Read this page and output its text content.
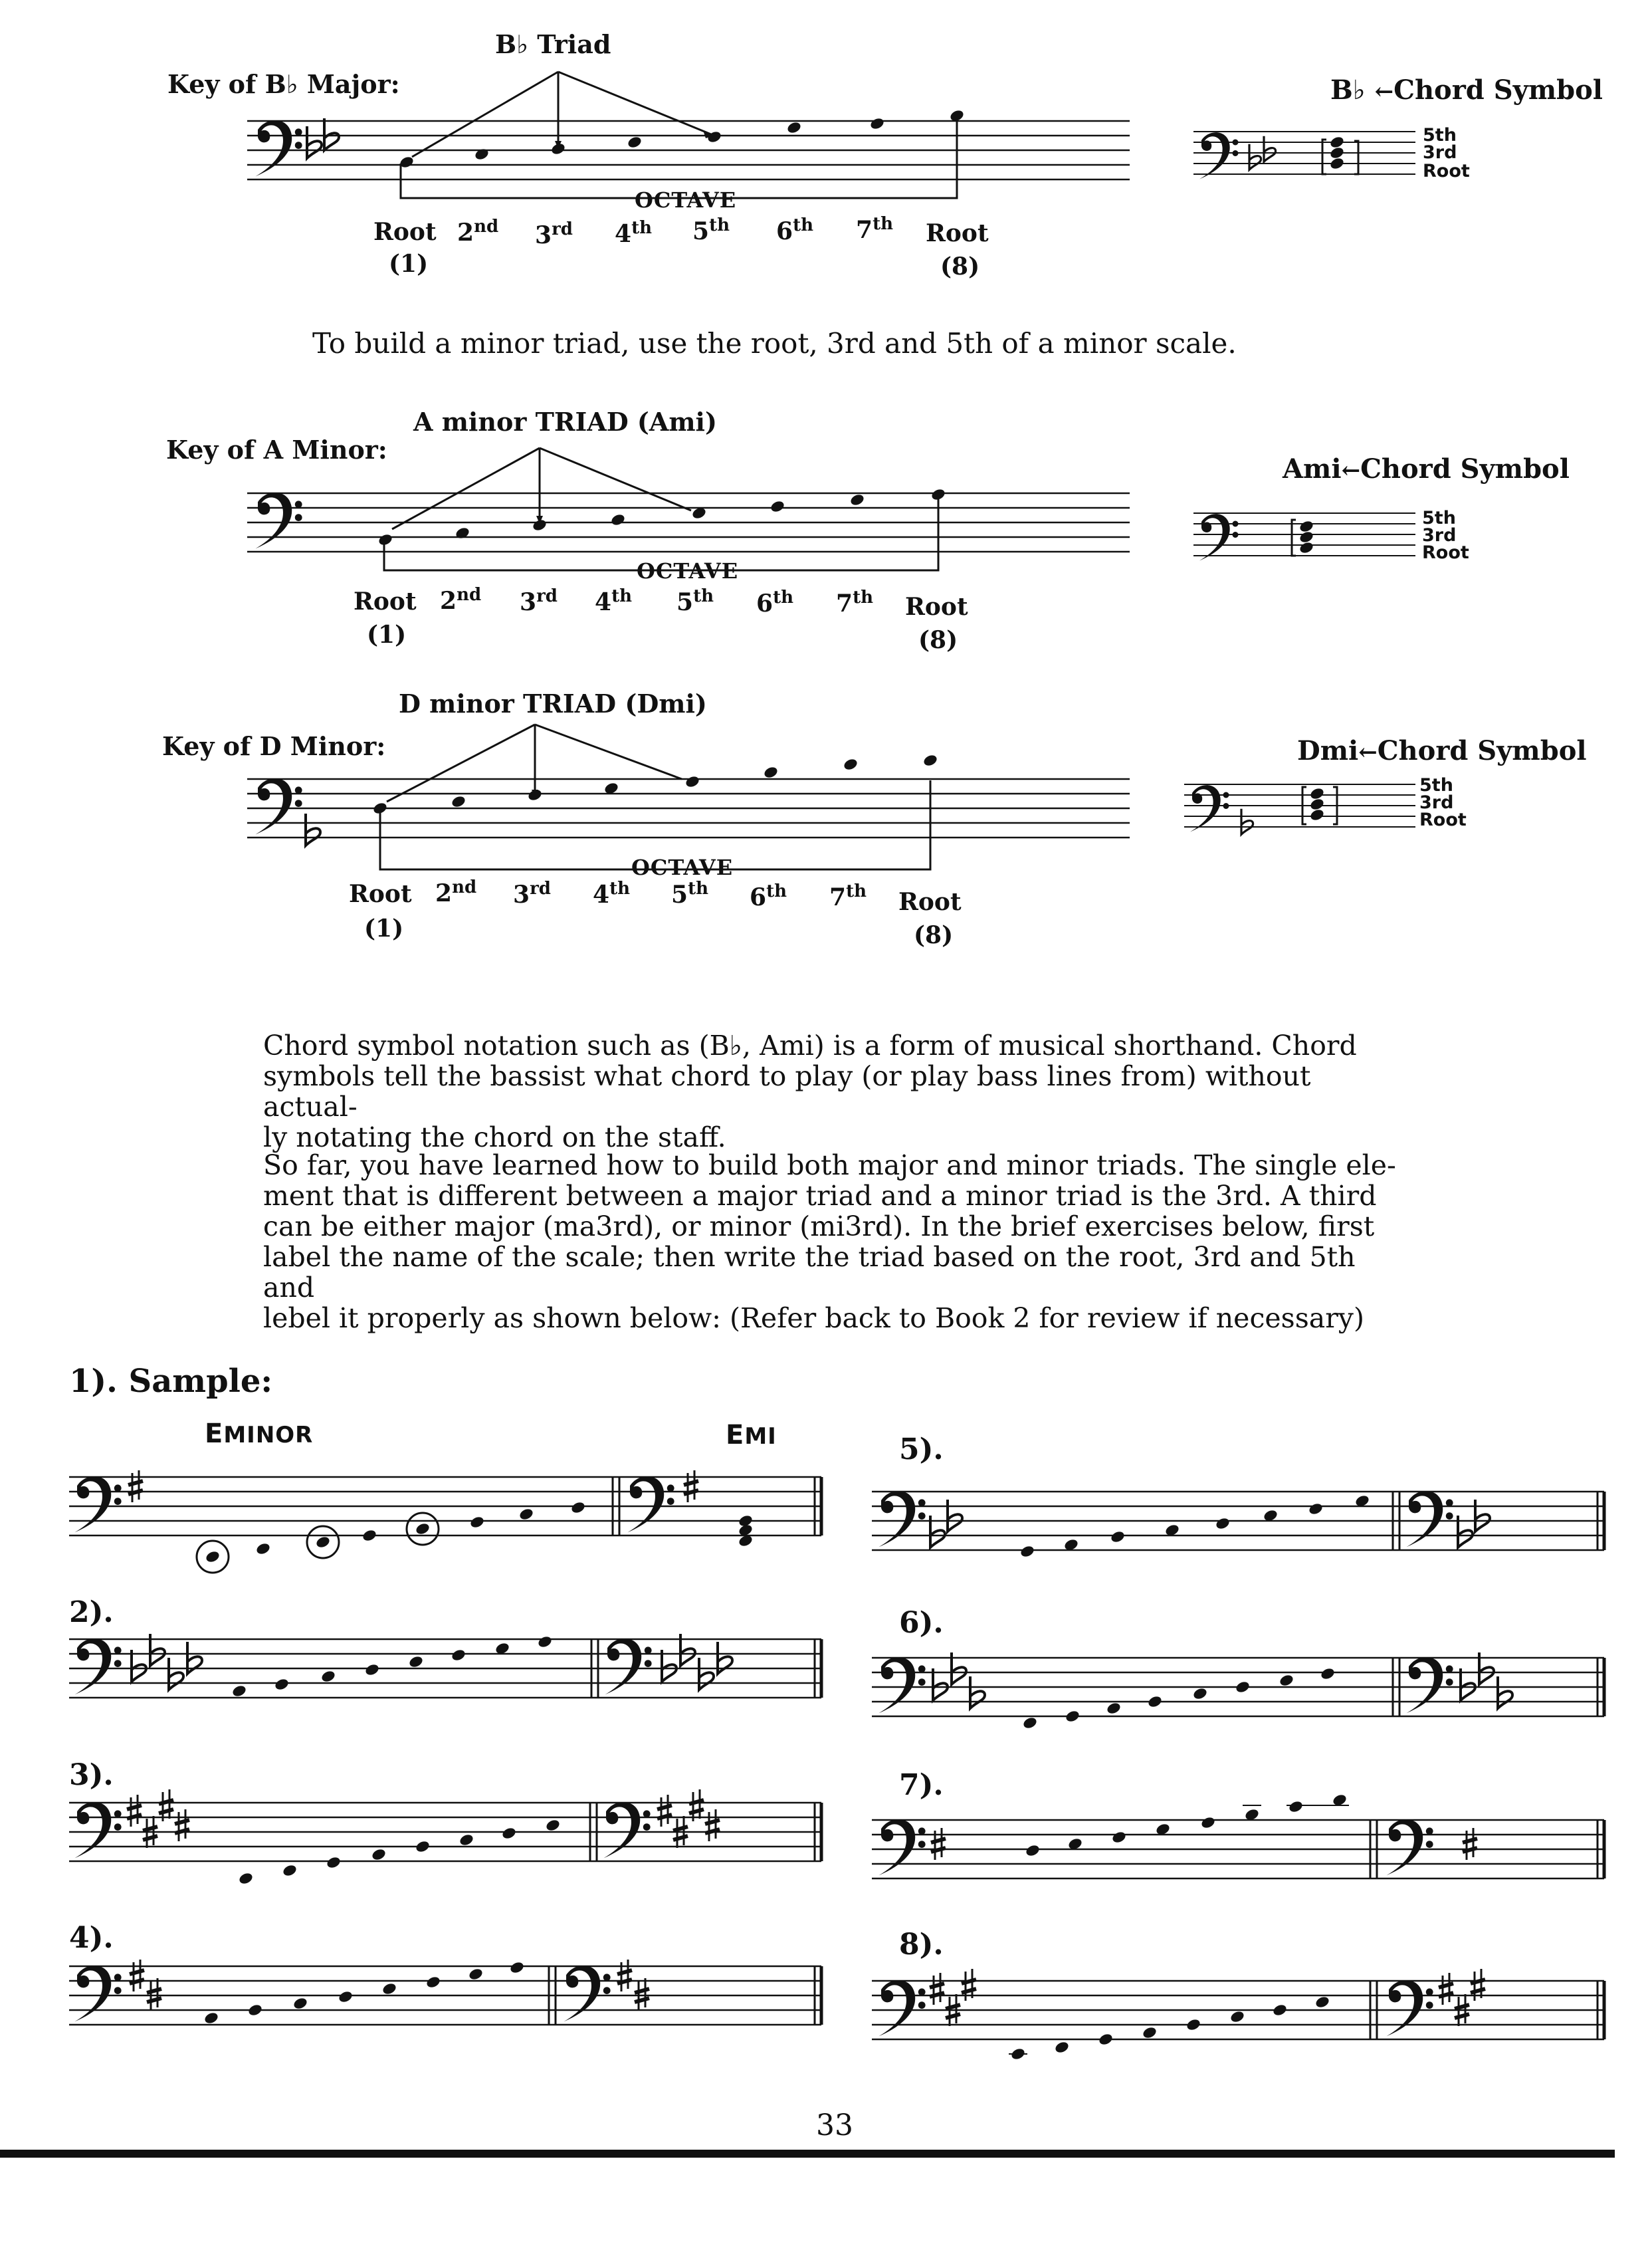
B♭ Triad
Key of B♭ Major:	B♭ ←Chord Symbol
OCTAVE
Root 2nd 3rd 4th 5th 6th 7th Root
(1)	(8)
5th
3rd
Root
To build a minor triad, use the root, 3rd and 5th of a minor scale.
A minor TRIAD (Ami)
Key of A Minor:
Ami←Chord Symbol
OCTAVE
Root 2nd 3rd 4th 5th 6th 7th Root
(1)	(8)
5th
3rd
Root
D minor TRIAD (Dmi)
Key of D Minor:	Dmi←Chord Symbol
OCTAVE
Root 2nd 3rd 4th 5th 6th 7th Root
(1)	(8)
5th
3rd
Root
Chord symbol notation such as (B♭, Ami) is a form of musical shorthand. Chord
symbols tell the bassist what chord to play (or play bass lines from) without actual-
ly notating the chord on the staff.
So far, you have learned how to build both major and minor triads. The single ele-
ment that is different between a major triad and a minor triad is the 3rd. A third
can be either major (ma3rd), or minor (mi3rd). In the brief exercises below, first
label the name of the scale; then write the triad based on the root, 3rd and 5th and
lebel it properly as shown below: (Refer back to Book 2 for review if necessary)
1). Sample:
EMINOR	EMI
2).
3).
4).
5).
6).
7).
8).
33
